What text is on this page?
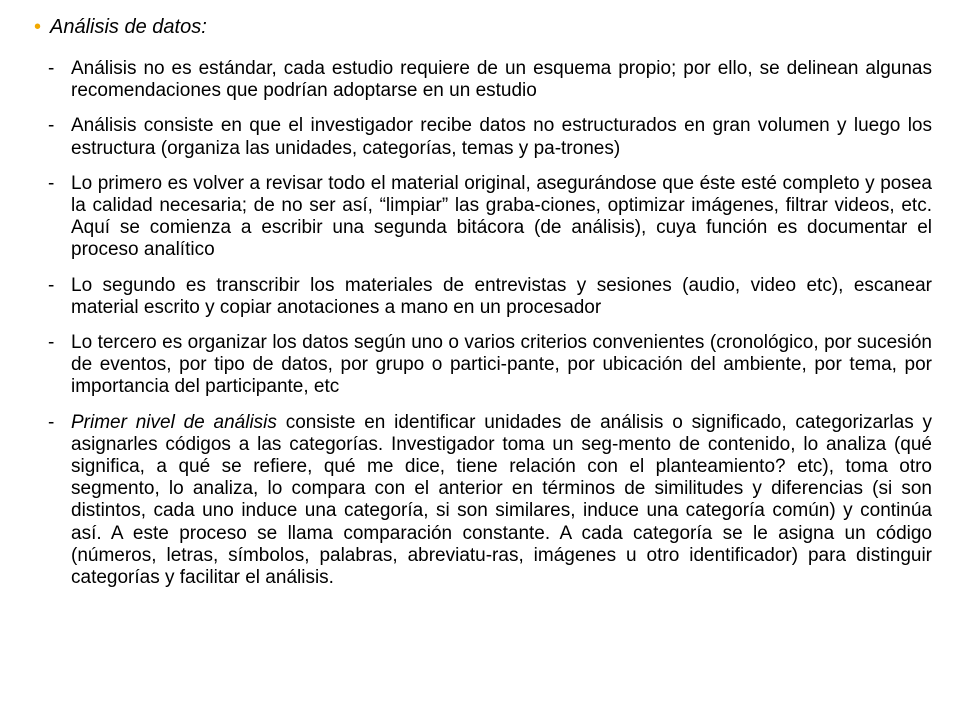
• Análisis de datos:
- Análisis no es estándar, cada estudio requiere de un esquema propio; por ello, se delinean algunas recomendaciones que podrían adoptarse en un estudio
- Análisis consiste en que el investigador recibe datos no estructurados en gran volumen y luego los estructura (organiza las unidades, categorías, temas y pa-trones)
- Lo primero es volver a revisar todo el material original, asegurándose que éste esté completo y posea la calidad necesaria; de no ser así, “limpiar” las graba-ciones, optimizar imágenes, filtrar videos, etc. Aquí se comienza a escribir una segunda bitácora (de análisis), cuya función es documentar el proceso analítico
- Lo segundo es transcribir los materiales de entrevistas y sesiones (audio, video etc), escanear material escrito y copiar anotaciones a mano en un procesador
- Lo tercero es organizar los datos según uno o varios criterios convenientes (cronológico, por sucesión de eventos, por tipo de datos, por grupo o partici-pante, por ubicación del ambiente, por tema, por importancia del participante, etc
- Primer nivel de análisis consiste en identificar unidades de análisis o significado, categorizarlas y asignarles códigos a las categorías. Investigador toma un seg-mento de contenido, lo analiza (qué significa, a qué se refiere, qué me dice, tiene relación con el planteamiento? etc), toma otro segmento, lo analiza, lo compara con el anterior en términos de similitudes y diferencias (si son distintos, cada uno induce una categoría, si son similares, induce una categoría común) y continúa así. A este proceso se llama comparación constante. A cada categoría se le asigna un código (números, letras, símbolos, palabras, abreviatu-ras, imágenes u otro identificador) para distinguir categorías y facilitar el análisis.
